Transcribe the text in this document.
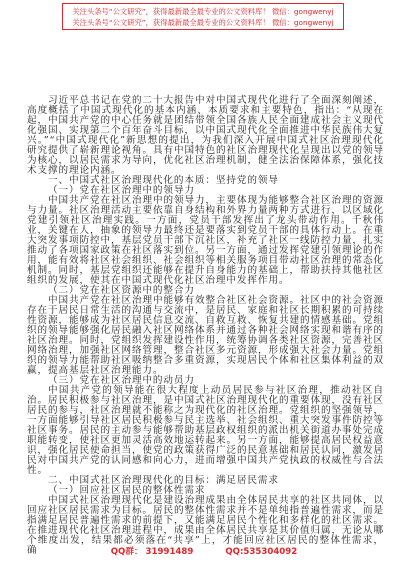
关注头条号“公文研究”，获得最新最全最专业的公文资料库！ 微信：gongwenyj
关注头条号“公文研究”，获得最新最全最专业的公文资料库！ 微信：gongwenyj

习近平总书记在党的二十大报告中对中国式现代化进行了全面深刻阐述，高度概括了中国式现代化的基本内涵、本质要求和主要特色，指出：“从现在起，中国共产党的中心任务就是团结带领全国各族人民全面建成社会主义现代化强国、实现第二个百年奋斗目标，以中国式现代化全面推进中华民族伟大复兴。”“中国式现代化”新思想的提出，为我们深入开展中国式社区治理现代化研究提供了崭新理论视角。具有中国特色的社区治理现代化呈现出以党的领导为核心，以居民需求为导向，优化社区治理机制，健全法治保障体系，强化技术支撑的理论内涵。

一、中国式社区治理现代化的本质：坚持党的领导

（一）党在社区治理中的领导力

中国共产党在社区治理中的领导力，主要体现为能够整合社区治理的资源与力量。社区治理活动主要依靠自身结构和外界力量两种方式进行，以区域化党建引领社区治理实践。一方面，党员干部发挥出了龙头带动作用。千秋伟业，关键在人，抽象的领导力最终还是要落实到党员干部的具体行动上。在重大突发事项防控中，基层党员干部下沉社区，补充了社区一线防控力量，扎实推动了各项国家政策在社区落实到位。另一方面，通过发挥党建引领理论的作用，能有效将社区社会组织、社会组织等相关服务项目带动社区治理的常态化机制。同时，基层党组织还能够在提升自身能力的基础上，帮助扶持其他社区组织的发展，使其在中国式现代化社区治理中发挥作用。

（二）党在社区资源中的整合力

中国共产党在社区治理中能够有效整合社区社会资源。社区中的社会资源存在于居民日常生活的沟通与交流中，是居民、家庭和社区长期积累的可持续性资源，能够成为社区居民信息交流、自救互救、恢复共建的情感基础。党组织的领导能够强化居民融入社区网络体系并通过各种社会网络实现和谐有序的社区治理。同时，党组织发挥建设性作用，统筹协调各类社区资源，完善社区网络治理，加强社区网络管理，整合社区多元资源，形成强大社会力量。党组织的领导力能帮助社区吸纳整合多重资源，实现居民个体和社区集体利益的双赢，提高基层社区治理能力。

（三）党在社区治理中的动员力

中国共产党的领导能在很大程度上动员居民参与社区治理，推动社区自治。居民积极参与社区治理，是中国式社区治理现代化的重要体现，没有社区居民的参与，社区治理就不能称之为现代化的社区治理。党组织的坚强领导，一方面能够引导社区居民积极参与民主选举、社会组织、重大突发事件防控等社区事务。居民的主动参与能够帮助基层政权组织的派出机关街道办事处完成职能转变，使社区更加灵活高效地运转起来。另一方面，能够提高居民权益意识，强化居民使命担当，使党的政策获得广泛的民意基础和居民认同，激发居民对中国共产党的认同感和向心力，进而增强中国共产党执政的权威性与合法性。

二、中国式社区治理现代化的目标：满足居民需求

（一）回应社区居民的整体性需求

中国式社区治理现代化是建设治理成果由全体居民共享的社区共同体，以回应社区居民需求为目标。居民的整体性需求并不是单纯指普遍性需求，而是指满足居民普遍性需求的前提下，又能满足居民个性化和多样化的社区需求。在推进现代化社区治理进程中，成果由全体居民共享是其价值归属，无论从哪个维度出发，结果都必须落在“共享”上，才能回应社区居民的整体性需求，确	QQ群： 31991489	QQ:535304092
